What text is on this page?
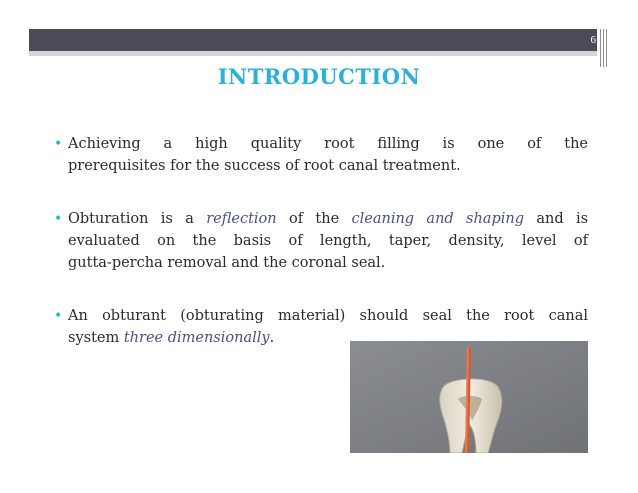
6
INTRODUCTION
• Achieving a high quality root filling is one of the
prerequisites for the success of root canal treatment.
• Obturation is a reflection of the cleaning and shaping and is
evaluated on the basis of length, taper, density, level of
gutta-percha removal and the coronal seal.
• An obturant (obturating material) should seal the root canal
system three dimensionally.
